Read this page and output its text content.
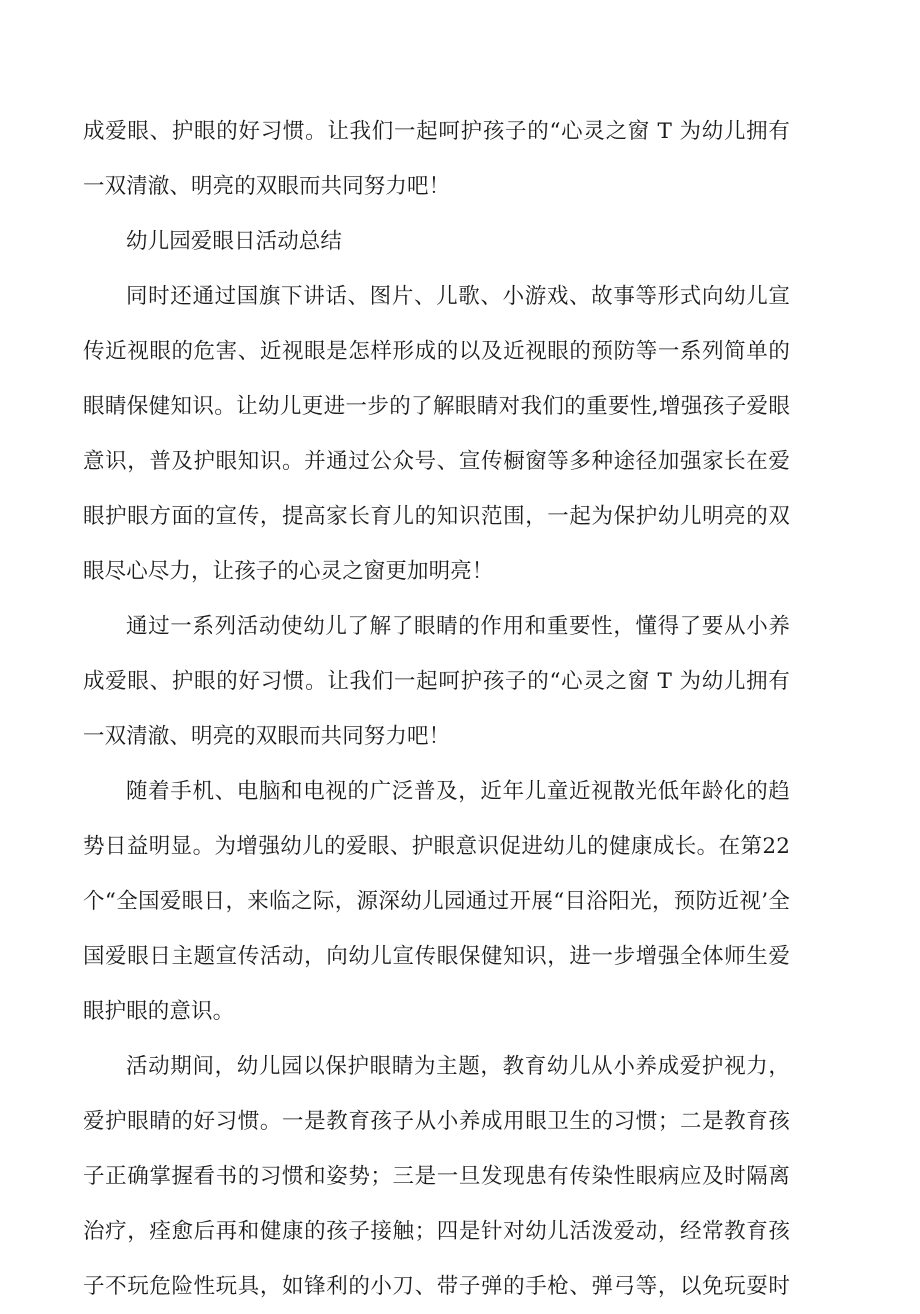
成爱眼、护眼的好习惯。让我们一起呵护孩子的“心灵之窗 T 为幼儿拥有一双清澈、明亮的双眼而共同努力吧！

幼儿园爱眼日活动总结

同时还通过国旗下讲话、图片、儿歌、小游戏、故事等形式向幼儿宣传近视眼的危害、近视眼是怎样形成的以及近视眼的预防等一系列简单的眼睛保健知识。让幼儿更进一步的了解眼睛对我们的重要性,增强孩子爱眼意识，普及护眼知识。并通过公众号、宣传橱窗等多种途径加强家长在爱眼护眼方面的宣传，提高家长育儿的知识范围，一起为保护幼儿明亮的双眼尽心尽力，让孩子的心灵之窗更加明亮！

通过一系列活动使幼儿了解了眼睛的作用和重要性，懂得了要从小养成爱眼、护眼的好习惯。让我们一起呵护孩子的“心灵之窗 T 为幼儿拥有一双清澈、明亮的双眼而共同努力吧！

随着手机、电脑和电视的广泛普及，近年儿童近视散光低年龄化的趋势日益明显。为增强幼儿的爱眼、护眼意识促进幼儿的健康成长。在第22个“全国爱眼日，来临之际，源深幼儿园通过开展“目浴阳光，预防近视’全国爱眼日主题宣传活动，向幼儿宣传眼保健知识，进一步增强全体师生爱眼护眼的意识。

活动期间，幼儿园以保护眼睛为主题，教育幼儿从小养成爱护视力，爱护眼睛的好习惯。一是教育孩子从小养成用眼卫生的习惯；二是教育孩子正确掌握看书的习惯和姿势；三是一旦发现患有传染性眼病应及时隔离治疗，痊愈后再和健康的孩子接触；四是针对幼儿活泼爱动，经常教育孩子不玩危险性玩具，如锋利的小刀、带子弹的手枪、弹弓等，以免玩耍时
